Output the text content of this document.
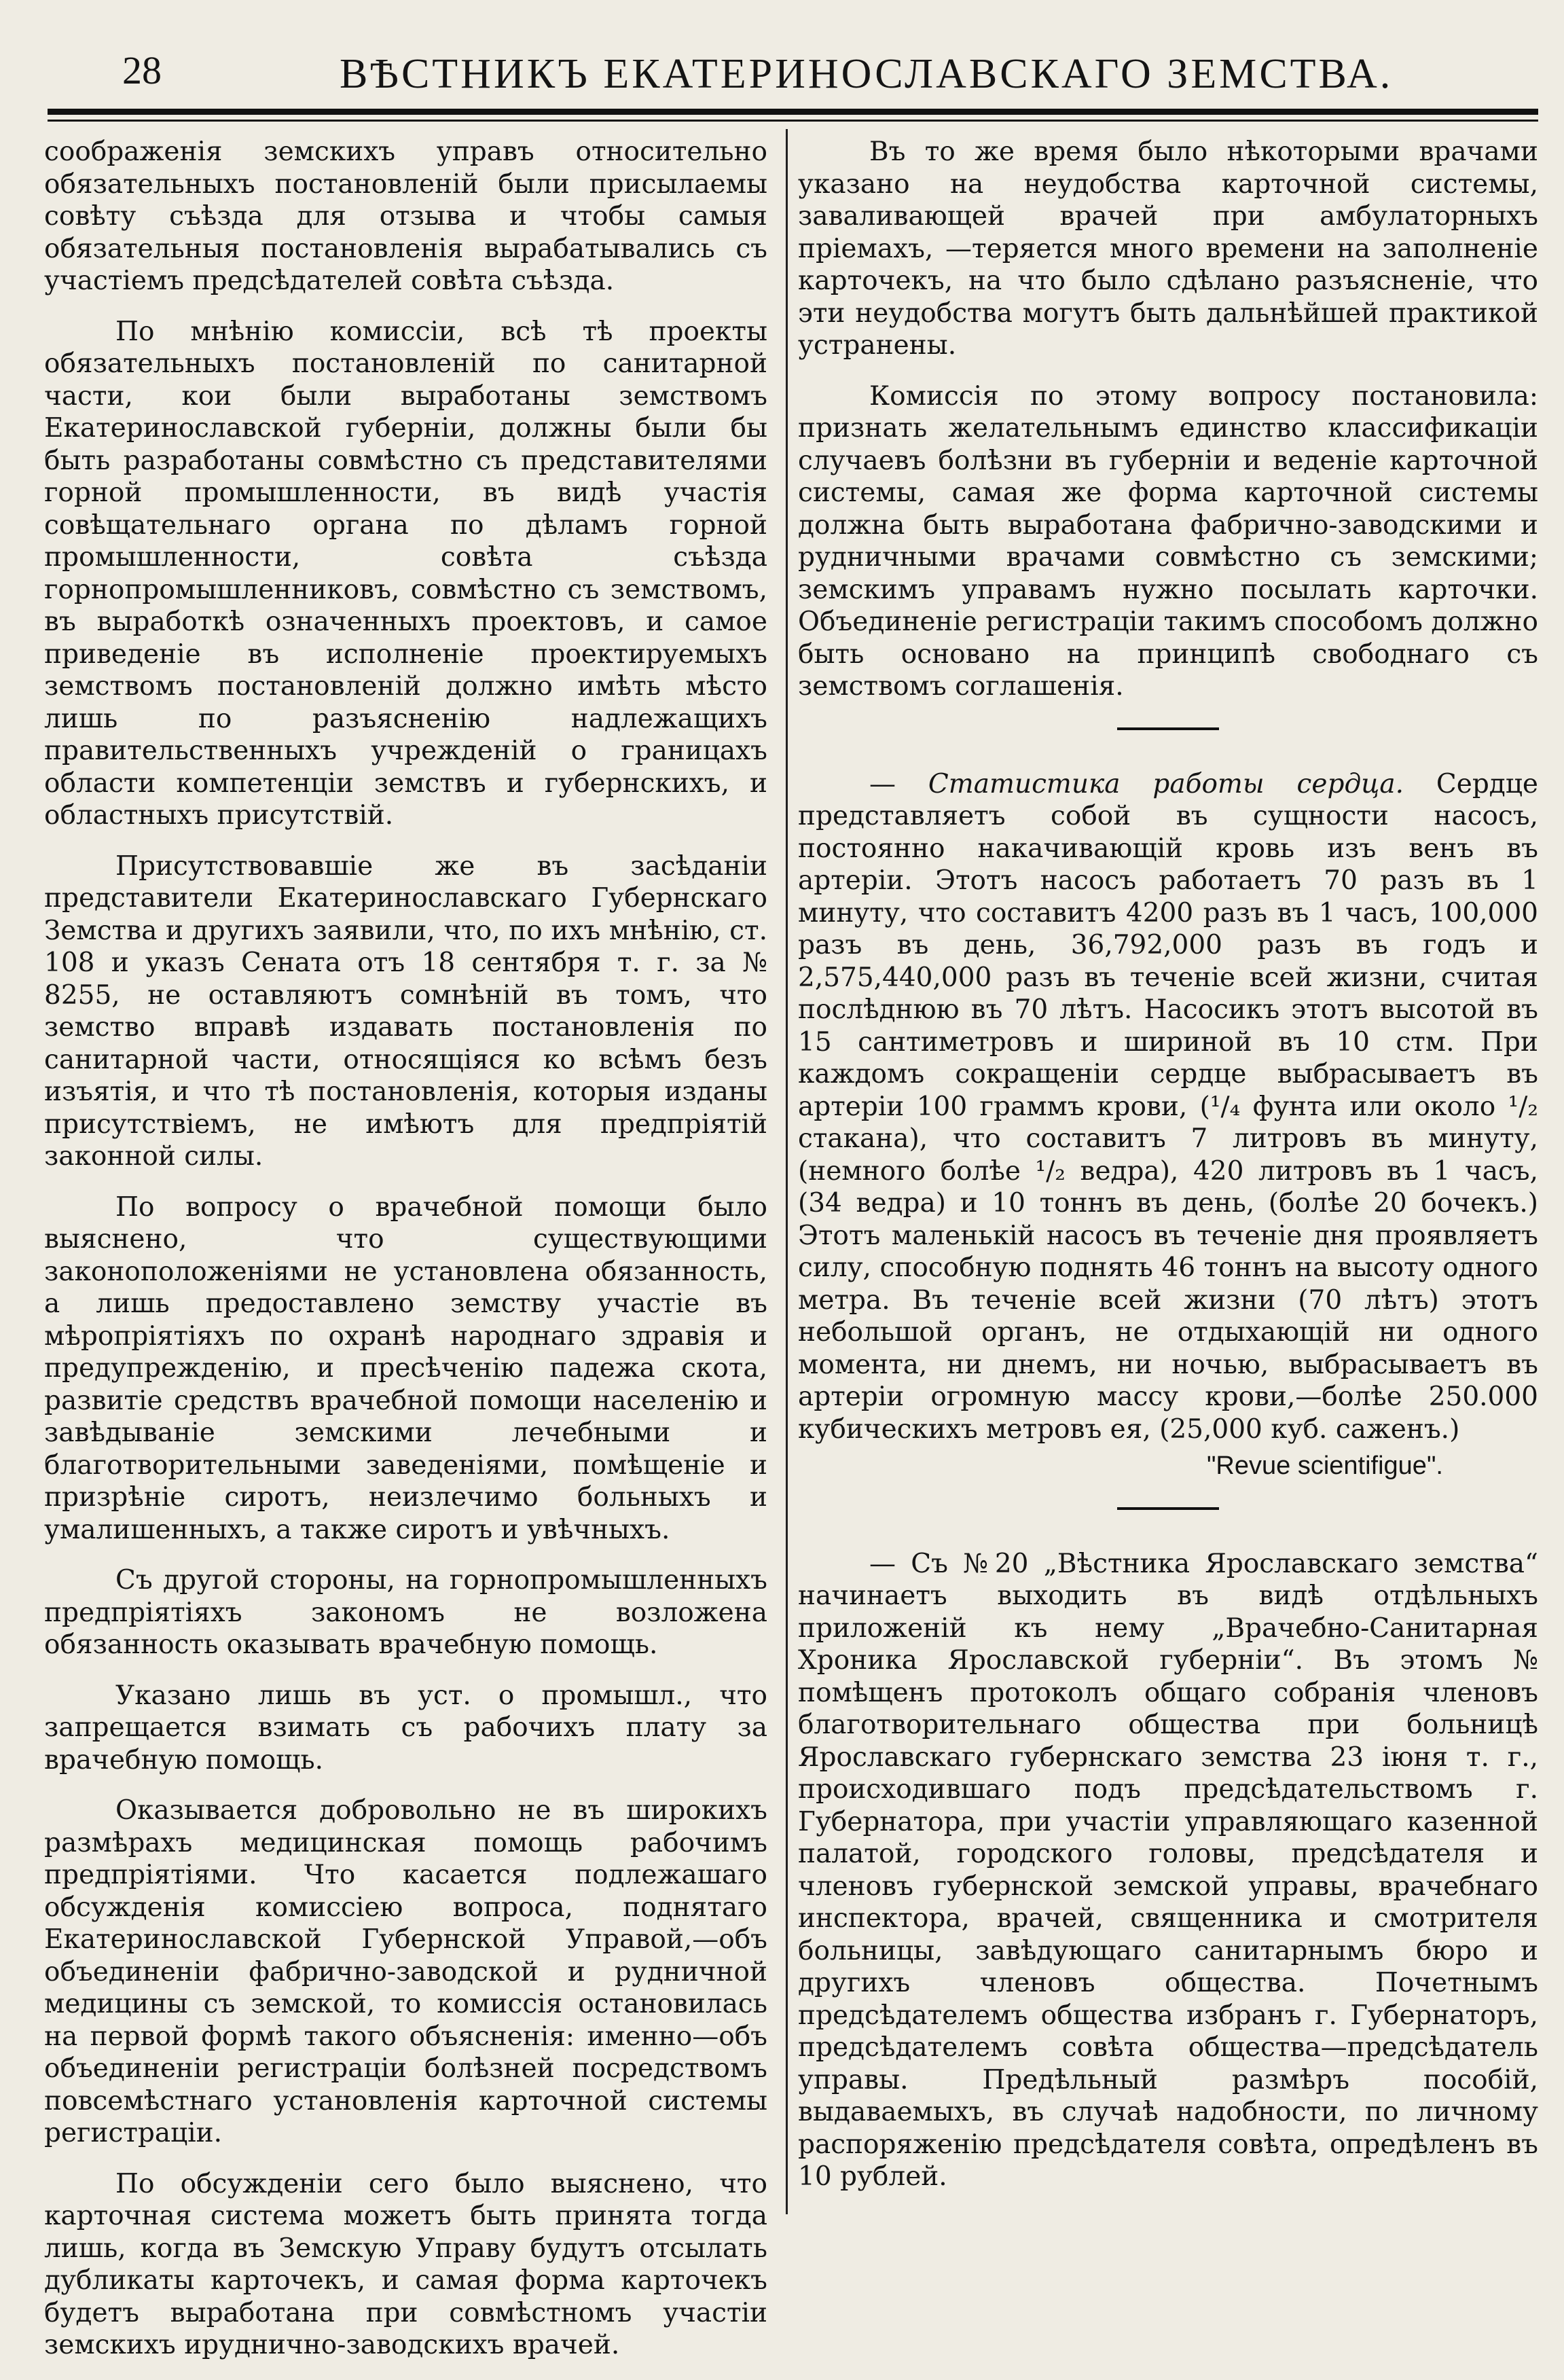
28	ВѢСТНИКЪ ЕКАТЕРИНОСЛАВСКАГО ЗЕМСТВА.

соображенія земскихъ управъ относительно обязательныхъ постановленій были присылаемы совѣту съѣзда для отзыва и чтобы самыя обязательныя постановленія вырабатывались съ участіемъ предсѣдателей совѣта съѣзда.

По мнѣнію комиссіи, всѣ тѣ проекты обязательныхъ постановленій по санитарной части, кои были выработаны земствомъ Екатеринославской губерніи, должны были бы быть разработаны совмѣстно съ представителями горной промышленности, въ видѣ участія совѣщательнаго органа по дѣламъ горной промышленности, совѣта съѣзда горнопромышленниковъ, совмѣстно съ земствомъ, въ выработкѣ означенныхъ проектовъ, и самое приведеніе въ исполненіе проектируемыхъ земствомъ постановленій должно имѣть мѣсто лишь по разъясненію надлежащихъ правительственныхъ учрежденій о границахъ области компетенціи земствъ и губернскихъ, и областныхъ присутствій.

Присутствовавшіе же въ засѣданіи представители Екатеринославскаго Губернскаго Земства и другихъ заявили, что, по ихъ мнѣнію, ст. 108 и указъ Сената отъ 18 сентября т. г. за № 8255, не оставляютъ сомнѣній въ томъ, что земство вправѣ издавать постановленія по санитарной части, относящіяся ко всѣмъ безъ изъятія, и что тѣ постановленія, которыя изданы присутствіемъ, не имѣютъ для предпріятій законной силы.

По вопросу о врачебной помощи было выяснено, что существующими законоположеніями не установлена обязанность, а лишь предоставлено земству участіе въ мѣропріятіяхъ по охранѣ народнаго здравія и предупрежденію, и пресѣченію падежа скота, развитіе средствъ врачебной помощи населенію и завѣдываніе земскими лечебными и благотворительными заведеніями, помѣщеніе и призрѣніе сиротъ, неизлечимо больныхъ и умалишенныхъ, а также сиротъ и увѣчныхъ.

Съ другой стороны, на горнопромышленныхъ предпріятіяхъ закономъ не возложена обязанность оказывать врачебную помощь.

Указано лишь въ уст. о промышл., что запрещается взимать съ рабочихъ плату за врачебную помощь.

Оказывается добровольно не въ широкихъ размѣрахъ медицинская помощь рабочимъ предпріятіями. Что касается подлежашаго обсужденія комиссіею вопроса, поднятаго Екатеринославской Губернской Управой,—объ объединеніи фабрично-заводской и рудничной медицины съ земской, то комиссія остановилась на первой формѣ такого объясненія: именно—объ объединеніи регистраціи болѣзней посредствомъ повсемѣстнаго установленія карточной системы регистраціи.

По обсужденіи сего было выяснено, что карточная система можетъ быть принята тогда лишь, когда въ Земскую Управу будутъ отсылать дубликаты карточекъ, и самая форма карточекъ будетъ выработана при совмѣстномъ участіи земскихъ ируднично-заводскихъ врачей.

Въ то же время было нѣкоторыми врачами указано на неудобства карточной системы, заваливающей врачей при амбулаторныхъ пріемахъ, —теряется много времени на заполненіе карточекъ, на что было сдѣлано разъясненіе, что эти неудобства могутъ быть дальнѣйшей практикой устранены.

Комиссія по этому вопросу постановила: признать желательнымъ единство классификаціи случаевъ болѣзни въ губерніи и веденіе карточной системы, самая же форма карточной системы должна быть выработана фабрично-заводскими и рудничными врачами совмѣстно съ земскими; земскимъ управамъ нужно посылать карточки. Объединеніе регистраціи такимъ способомъ должно быть основано на принципѣ свободнаго съ земствомъ соглашенія.

— Статистика работы сердца. Сердце представляетъ собой въ сущности насосъ, постоянно накачивающій кровь изъ венъ въ артеріи. Этотъ насосъ работаетъ 70 разъ въ 1 минуту, что составитъ 4200 разъ въ 1 часъ, 100,000 разъ въ день, 36,792,000 разъ въ годъ и 2,575,440,000 разъ въ теченіе всей жизни, считая послѣднюю въ 70 лѣтъ. Насосикъ этотъ высотой въ 15 сантиметровъ и шириной въ 10 стм. При каждомъ сокращеніи сердце выбрасываетъ въ артеріи 100 граммъ крови, (¹/₄ фунта или около ¹/₂ стакана), что составитъ 7 литровъ въ минуту, (немного болѣе ¹/₂ ведра), 420 литровъ въ 1 часъ, (34 ведра) и 10 тоннъ въ день, (болѣе 20 бочекъ.) Этотъ маленькій насосъ въ теченіе дня проявляетъ силу, способную поднять 46 тоннъ на высоту одного метра. Въ теченіе всей жизни (70 лѣтъ) этотъ небольшой органъ, не отдыхающій ни одного момента, ни днемъ, ни ночью, выбрасываетъ въ артеріи огромную массу крови,—болѣе 250.000 кубическихъ метровъ ея, (25,000 куб. саженъ.)

"Revue scientifigue".

— Съ №20 „Вѣстника Ярославскаго земства“ начинаетъ выходить въ видѣ отдѣльныхъ приложеній къ нему „Врачебно-Санитарная Хроника Ярославской губерніи“. Въ этомъ № помѣщенъ протоколъ общаго собранія членовъ благотворительнаго общества при больницѣ Ярославскаго губернскаго земства 23 іюня т. г., происходившаго подъ предсѣдательствомъ г. Губернатора, при участіи управляющаго казенной палатой, городского головы, предсѣдателя и членовъ губернской земской управы, врачебнаго инспектора, врачей, священника и смотрителя больницы, завѣдующаго санитарнымъ бюро и другихъ членовъ общества. Почетнымъ предсѣдателемъ общества избранъ г. Губернаторъ, предсѣдателемъ совѣта общества—предсѣдатель управы. Предѣльный размѣръ пособій, выдаваемыхъ, въ случаѣ надобности, по личному распоряженію предсѣдателя совѣта, опредѣленъ въ 10 рублей.
